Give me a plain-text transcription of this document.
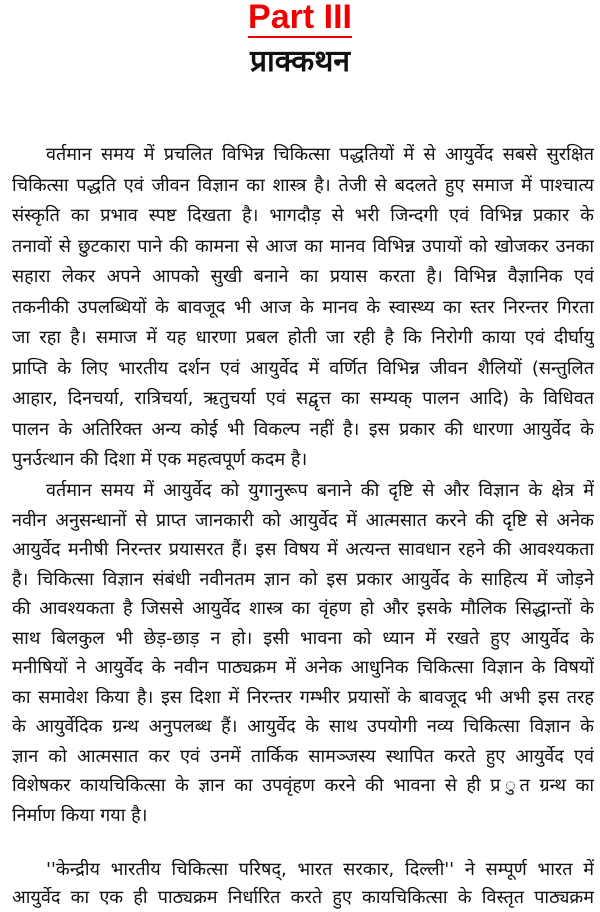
Part III
प्राक्कथन
वर्तमान समय में प्रचलित विभिन्न चिकित्सा पद्धतियों में से आयुर्वेद सबसे सुरक्षित
चिकित्सा पद्धति एवं जीवन विज्ञान का शास्त्र है। तेजी से बदलते हुए समाज में पाश्चात्य
संस्कृति का प्रभाव स्पष्ट दिखता है। भागदौड़ से भरी जिन्दगी एवं विभिन्न प्रकार के
तनावों से छुटकारा पाने की कामना से आज का मानव विभिन्न उपायों को खोजकर उनका
सहारा लेकर अपने आपको सुखी बनाने का प्रयास करता है। विभिन्न वैज्ञानिक एवं
तकनीकी उपलब्धियों के बावजूद भी आज के मानव के स्वास्थ्य का स्तर निरन्तर गिरता
जा रहा है। समाज में यह धारणा प्रबल होती जा रही है कि निरोगी काया एवं दीर्घायु
प्राप्ति के लिए भारतीय दर्शन एवं आयुर्वेद में वर्णित विभिन्न जीवन शैलियों (सन्तुलित
आहार, दिनचर्या, रात्रिचर्या, ऋतुचर्या एवं सद्वृत्त का सम्यक् पालन आदि) के विधिवत
पालन के अतिरिक्त अन्य कोई भी विकल्प नहीं है। इस प्रकार की धारणा आयुर्वेद के
पुनर्उत्थान की दिशा में एक महत्वपूर्ण कदम है।
वर्तमान समय में आयुर्वेद को युगानुरूप बनाने की दृष्टि से और विज्ञान के क्षेत्र में
नवीन अनुसन्धानों से प्राप्त जानकारी को आयुर्वेद में आत्मसात करने की दृष्टि से अनेक
आयुर्वेद मनीषी निरन्तर प्रयासरत हैं। इस विषय में अत्यन्त सावधान रहने की आवश्यकता
है। चिकित्सा विज्ञान संबंधी नवीनतम ज्ञान को इस प्रकार आयुर्वेद के साहित्य में जोड़ने
की आवश्यकता है जिससे आयुर्वेद शास्त्र का वृंहण हो और इसके मौलिक सिद्धान्तों के
साथ बिलकुल भी छेड़-छाड़ न हो। इसी भावना को ध्यान में रखते हुए आयुर्वेद के
मनीषियों ने आयुर्वेद के नवीन पाठ्यक्रम में अनेक आधुनिक चिकित्सा विज्ञान के विषयों
का समावेश किया है। इस दिशा में निरन्तर गम्भीर प्रयासों के बावजूद भी अभी इस तरह
के आयुर्वेदिक ग्रन्थ अनुपलब्ध हैं। आयुर्वेद के साथ उपयोगी नव्य चिकित्सा विज्ञान के
ज्ञान को आत्मसात कर एवं उनमें तार्किक सामञ्जस्य स्थापित करते हुए आयुर्वेद एवं
विशेषकर कायचिकित्सा के ज्ञान का उपवृंहण करने की भावना से ही प्र ुत ग्रन्थ का
निर्माण किया गया है।
''केन्द्रीय भारतीय चिकित्सा परिषद्, भारत सरकार, दिल्ली'' ने सम्पूर्ण भारत में
आयुर्वेद का एक ही पाठ्यक्रम निर्धारित करते हुए कायचिकित्सा के विस्तृत पाठ्यक्रम
